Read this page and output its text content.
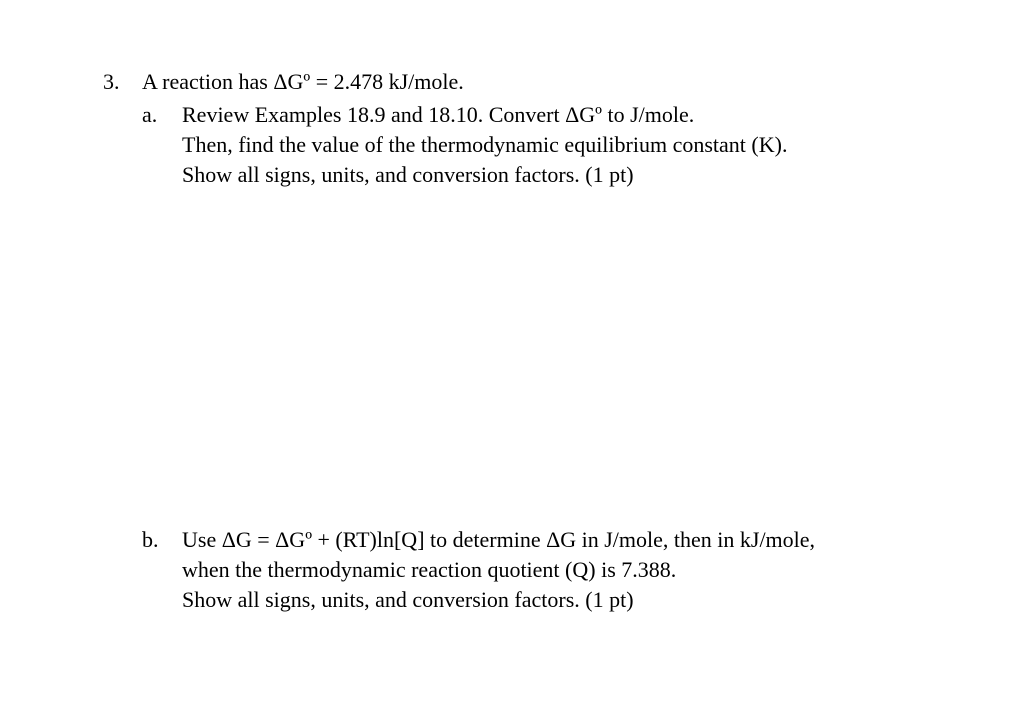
3. A reaction has ΔGº = 2.478 kJ/mole.
a. Review Examples 18.9 and 18.10. Convert ΔGº to J/mole.
Then, find the value of the thermodynamic equilibrium constant (K).
Show all signs, units, and conversion factors. (1 pt)
b. Use ΔG = ΔGº + (RT)ln[Q] to determine ΔG in J/mole, then in kJ/mole,
when the thermodynamic reaction quotient (Q) is 7.388.
Show all signs, units, and conversion factors. (1 pt)
